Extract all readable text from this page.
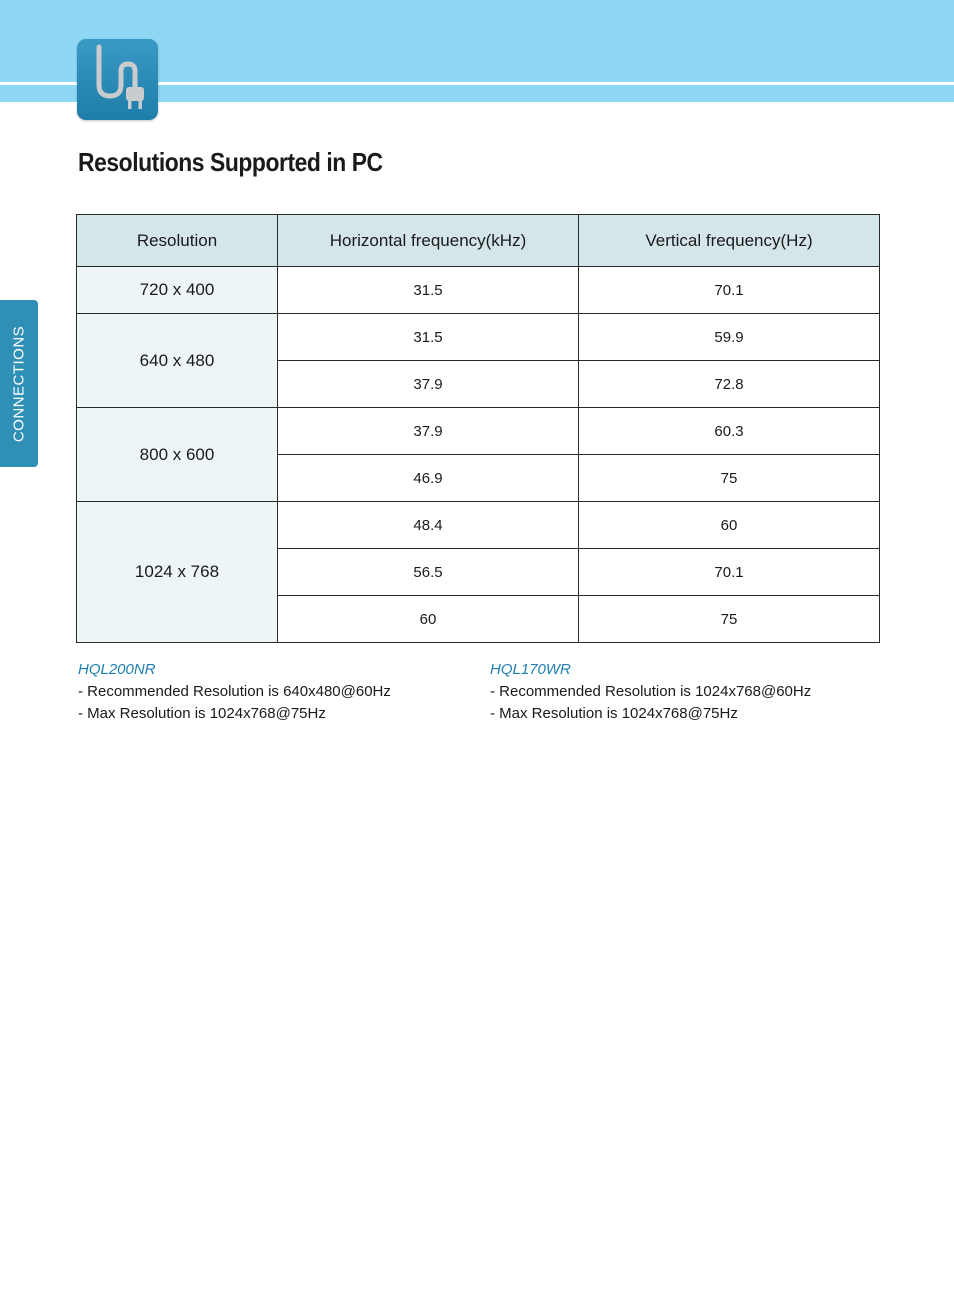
Resolutions Supported in PC
CONNECTIONS
Resolution	Horizontal frequency(kHz)	Vertical frequency(Hz)
720 x 400	31.5	70.1
640 x 480	31.5	59.9
	37.9	72.8
800 x 600	37.9	60.3
	46.9	75
1024 x 768	48.4	60
	56.5	70.1
	60	75
HQL200NR
- Recommended Resolution is 640x480@60Hz
- Max Resolution is 1024x768@75Hz
HQL170WR
- Recommended Resolution is 1024x768@60Hz
- Max Resolution is 1024x768@75Hz
